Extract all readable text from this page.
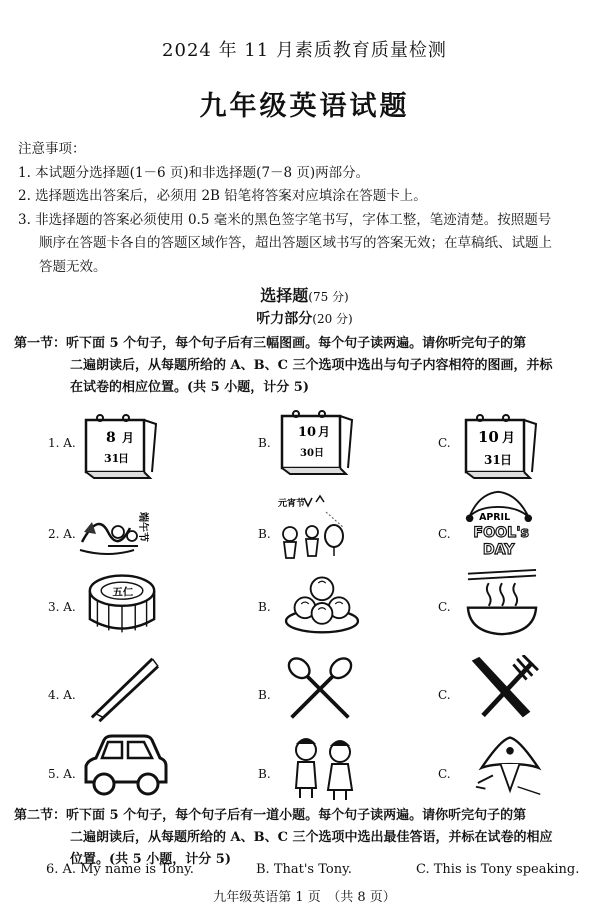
2024 年 11 月素质教育质量检测
九年级英语试题
注意事项：
1. 本试题分选择题(1－6 页)和非选择题(7－8 页)两部分。
2. 选择题选出答案后，必须用 2B 铅笔将答案对应填涂在答题卡上。
3. 非选择题的答案必须使用 0.5 毫米的黑色签字笔书写，字体工整，笔迹清楚。按照题号
顺序在答题卡各自的答题区域作答，超出答题区域书写的答案无效；在草稿纸、试题上
答题无效。
选择题(75 分)
听力部分(20 分)
第一节：听下面 5 个句子，每个句子后有三幅图画。每个句子读两遍。请你听完句子的第
二遍朗读后，从每题所给的 A、B、C 三个选项中选出与句子内容相符的图画，并标
在试卷的相应位置。(共 5 小题，计分 5)
1. A.	B.	C.
8 月
31
日
10 月
30 日
10 月
31 日
2. A.	B.	C.
端午节
元宵节
APRIL
FOOL's
DAY
3. A.	B.	C.
五仁
4. A.	B.	C.
5. A.	B.	C.
第二节：听下面 5 个句子，每个句子后有一道小题。每个句子读两遍。请你听完句子的第
二遍朗读后，从每题所给的 A、B、C 三个选项中选出最佳答语，并标在试卷的相应
位置。(共 5 小题，计分 5)
6. A. My name is Tony.	B. That's Tony.	C. This is Tony speaking.
九年级英语第 1 页　（共 8 页）
